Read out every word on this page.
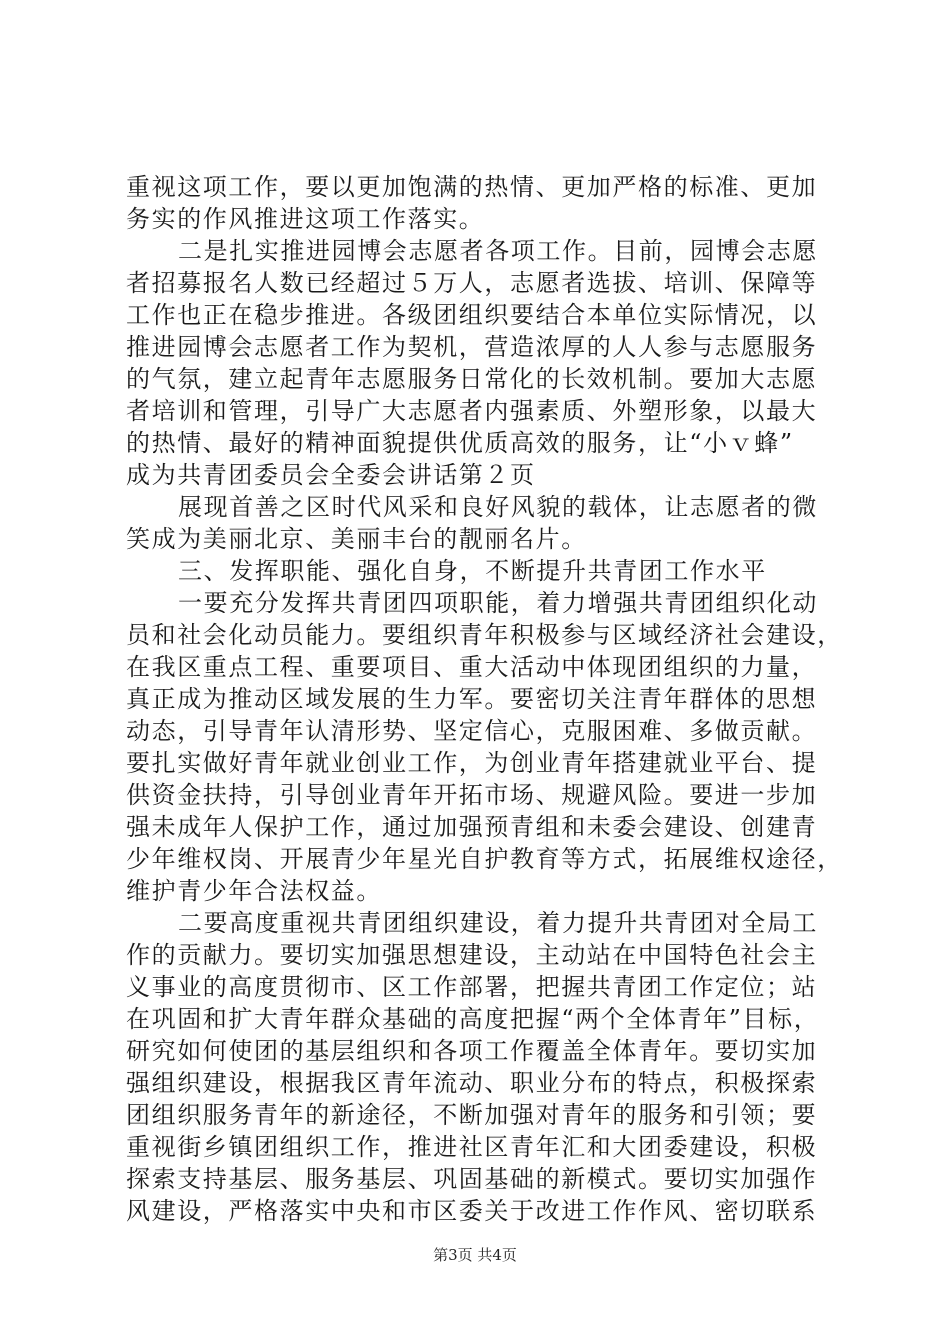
重视这项工作，要以更加饱满的热情、更加严格的标准、更加
务实的作风推进这项工作落实。
二是扎实推进园博会志愿者各项工作。目前，园博会志愿
者招募报名人数已经超过５万人，志愿者选拔、培训、保障等
工作也正在稳步推进。各级团组织要结合本单位实际情况，以
推进园博会志愿者工作为契机，营造浓厚的人人参与志愿服务
的气氛，建立起青年志愿服务日常化的长效机制。要加大志愿
者培训和管理，引导广大志愿者内强素质、外塑形象，以最大
的热情、最好的精神面貌提供优质高效的服务，让“小ｖ蜂”
成为共青团委员会全委会讲话第２页
展现首善之区时代风采和良好风貌的载体，让志愿者的微
笑成为美丽北京、美丽丰台的靓丽名片。
三、发挥职能、强化自身，不断提升共青团工作水平
一要充分发挥共青团四项职能，着力增强共青团组织化动
员和社会化动员能力。要组织青年积极参与区域经济社会建设，
在我区重点工程、重要项目、重大活动中体现团组织的力量，
真正成为推动区域发展的生力军。要密切关注青年群体的思想
动态，引导青年认清形势、坚定信心，克服困难、多做贡献。
要扎实做好青年就业创业工作，为创业青年搭建就业平台、提
供资金扶持，引导创业青年开拓市场、规避风险。要进一步加
强未成年人保护工作，通过加强预青组和未委会建设、创建青
少年维权岗、开展青少年星光自护教育等方式，拓展维权途径，
维护青少年合法权益。
二要高度重视共青团组织建设，着力提升共青团对全局工
作的贡献力。要切实加强思想建设，主动站在中国特色社会主
义事业的高度贯彻市、区工作部署，把握共青团工作定位；站
在巩固和扩大青年群众基础的高度把握“两个全体青年”目标，
研究如何使团的基层组织和各项工作覆盖全体青年。要切实加
强组织建设，根据我区青年流动、职业分布的特点，积极探索
团组织服务青年的新途径，不断加强对青年的服务和引领；要
重视街乡镇团组织工作，推进社区青年汇和大团委建设，积极
探索支持基层、服务基层、巩固基础的新模式。要切实加强作
风建设，严格落实中央和市区委关于改进工作作风、密切联系
第3页 共4页
